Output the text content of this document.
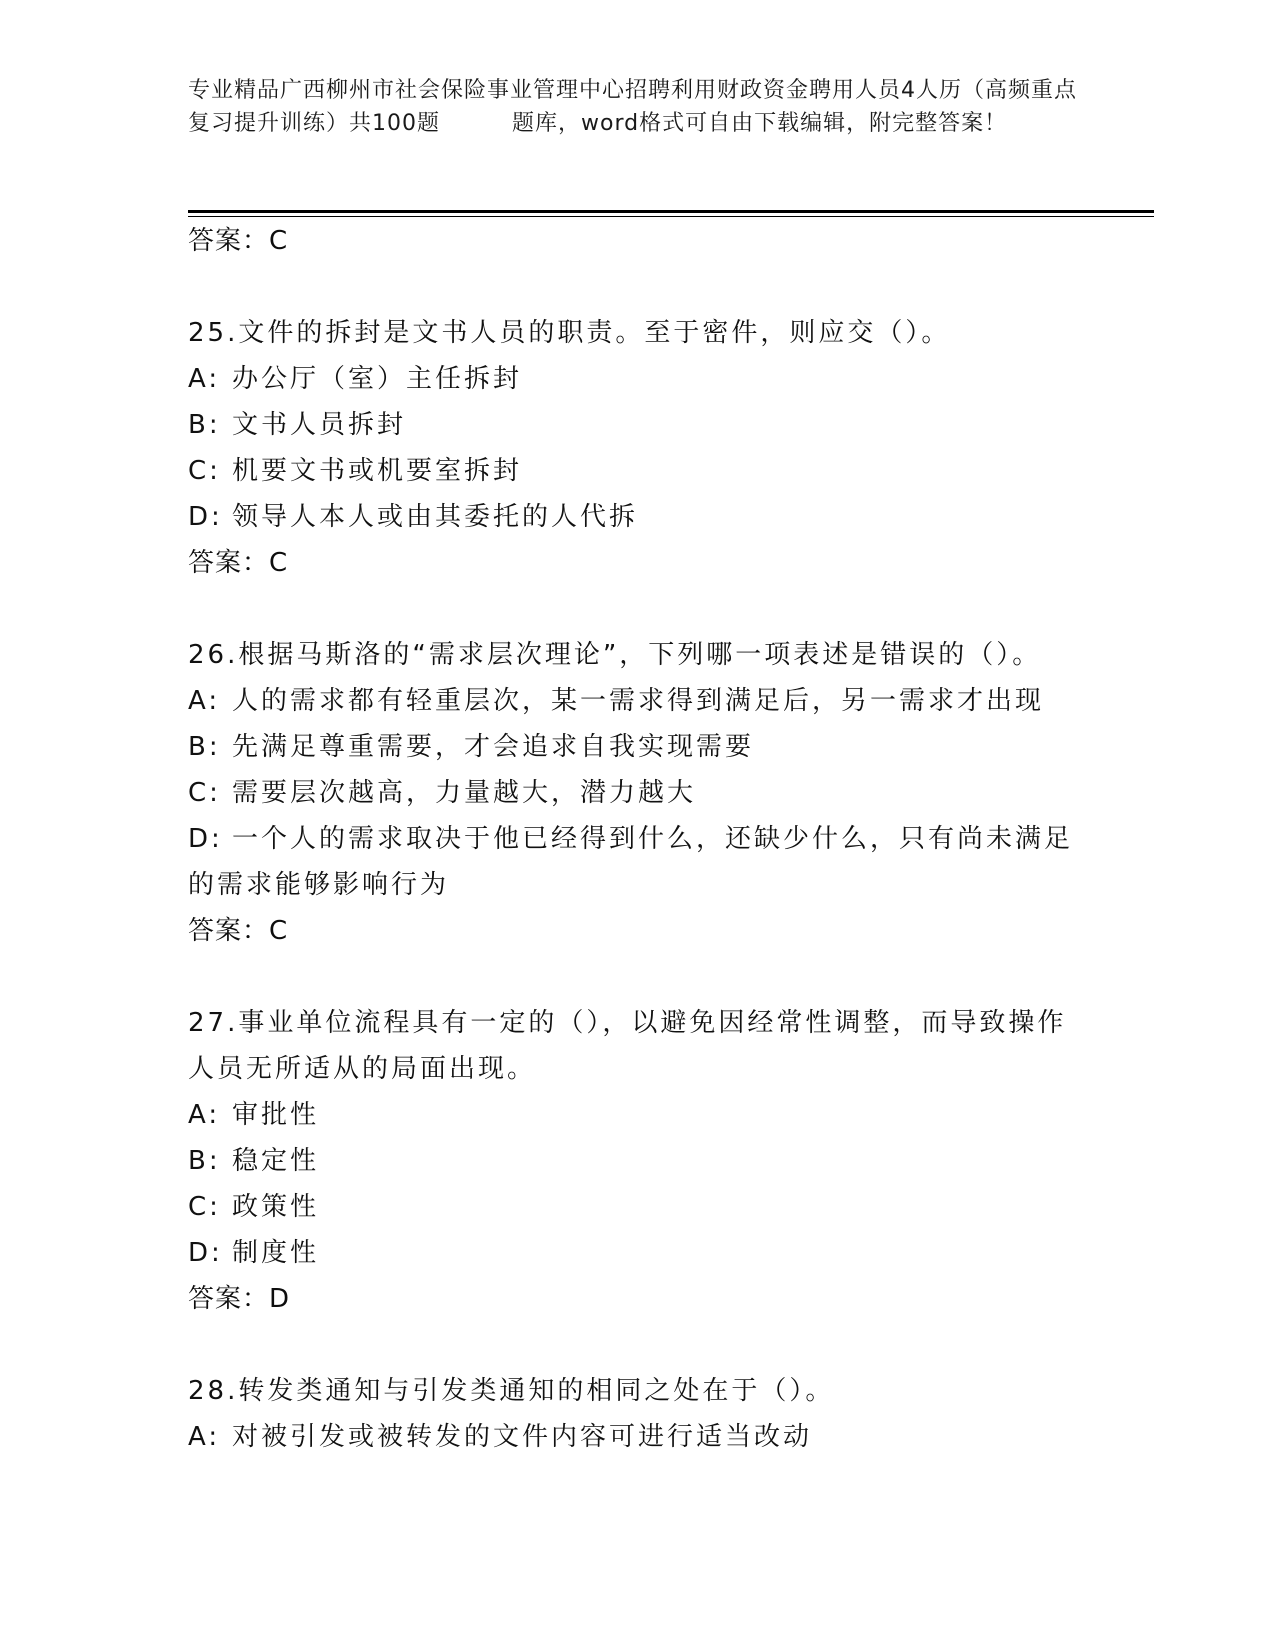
专业精品广西柳州市社会保险事业管理中心招聘利用财政资金聘用人员4人历（高频重点复习提升训练）共100题	题库，word格式可自由下载编辑，附完整答案！
答案：C
25.文件的拆封是文书人员的职责。至于密件，则应交（）。
A: 办公厅（室）主任拆封
B: 文书人员拆封
C: 机要文书或机要室拆封
D: 领导人本人或由其委托的人代拆
答案：C
26.根据马斯洛的“需求层次理论”，下列哪一项表述是错误的（）。
A: 人的需求都有轻重层次，某一需求得到满足后，另一需求才出现
B: 先满足尊重需要，才会追求自我实现需要
C: 需要层次越高，力量越大，潜力越大
D: 一个人的需求取决于他已经得到什么，还缺少什么，只有尚未满足的需求能够影响行为
答案：C
27.事业单位流程具有一定的（），以避免因经常性调整，而导致操作人员无所适从的局面出现。
A: 审批性
B: 稳定性
C: 政策性
D: 制度性
答案：D
28.转发类通知与引发类通知的相同之处在于（）。
A: 对被引发或被转发的文件内容可进行适当改动
